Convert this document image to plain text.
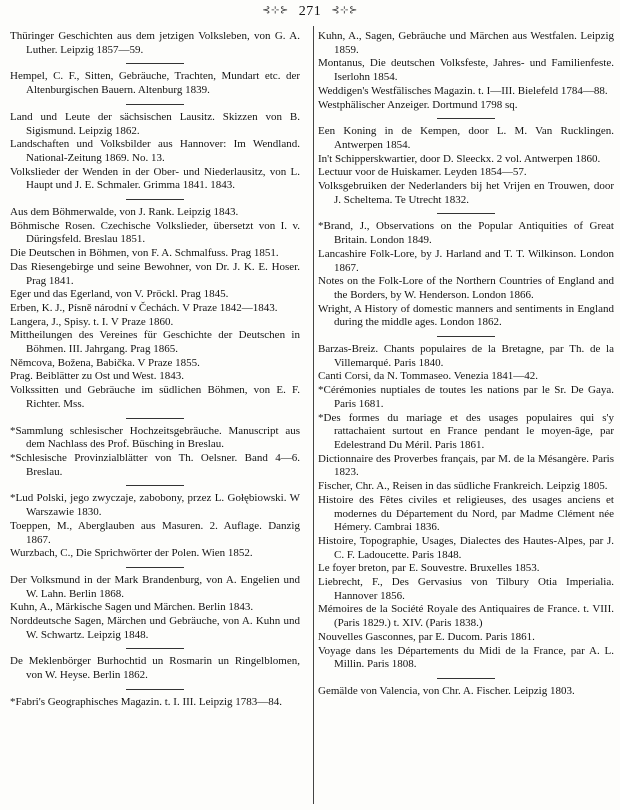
⊰⊹⊱ 271 ⊰⊹⊱

Thüringer Geschichten aus dem jetzigen Volksleben, von G. A. Luther. Leipzig 1857—59.

Hempel, C. F., Sitten, Gebräuche, Trachten, Mundart etc. der Altenburgischen Bauern. Altenburg 1839.

Land und Leute der sächsischen Lausitz. Skizzen von B. Sigismund. Leipzig 1862.

Landschaften und Volksbilder aus Hannover: Im Wendland. National-Zeitung 1869. No. 13.

Volkslieder der Wenden in der Ober- und Niederlausitz, von L. Haupt und J. E. Schmaler. Grimma 1841. 1843.

Aus dem Böhmerwalde, von J. Rank. Leipzig 1843.

Böhmische Rosen. Czechische Volkslieder, übersetzt von I. v. Düringsfeld. Breslau 1851.

Die Deutschen in Böhmen, von F. A. Schmalfuss. Prag 1851.

Das Riesengebirge und seine Bewohner, von Dr. J. K. E. Hoser. Prag 1841.

Eger und das Egerland, von V. Pröckl. Prag 1845.

Erben, K. J., Písně národní v Čechách. V Praze 1842—1843.

Langera, J., Spisy. t. I. V Praze 1860.

Mittheilungen des Vereines für Geschichte der Deutschen in Böhmen. III. Jahrgang. Prag 1865.

Němcova, Božena, Babička. V Praze 1855.

Prag. Beiblätter zu Ost und West. 1843.

Volkssitten und Gebräuche im südlichen Böhmen, von E. F. Richter. Mss.

*Sammlung schlesischer Hochzeitsgebräuche. Manuscript aus dem Nachlass des Prof. Büsching in Breslau.

*Schlesische Provinzialblätter von Th. Oelsner. Band 4—6. Breslau.

*Lud Polski, jego zwyczaje, zabobony, przez L. Gołębiowski. W Warszawie 1830.

Toeppen, M., Aberglauben aus Masuren. 2. Auflage. Danzig 1867.

Wurzbach, C., Die Sprichwörter der Polen. Wien 1852.

Der Volksmund in der Mark Brandenburg, von A. Engelien und W. Lahn. Berlin 1868.

Kuhn, A., Märkische Sagen und Märchen. Berlin 1843.

Norddeutsche Sagen, Märchen und Gebräuche, von A. Kuhn und W. Schwartz. Leipzig 1848.

De Meklenbörger Burhochtid un Rosmarin un Ringelblomen, von W. Heyse. Berlin 1862.

*Fabri's Geographisches Magazin. t. I. III. Leipzig 1783—84.

Kuhn, A., Sagen, Gebräuche und Märchen aus Westfalen. Leipzig 1859.

Montanus, Die deutschen Volksfeste, Jahres- und Familienfeste. Iserlohn 1854.

Weddigen's Westfälisches Magazin. t. I—III. Bielefeld 1784—88.

Westphälischer Anzeiger. Dortmund 1798 sq.

Een Koning in de Kempen, door L. M. Van Rucklingen. Antwerpen 1854.

In't Schipperskwartier, door D. Sleeckx. 2 vol. Antwerpen 1860.

Lectuur voor de Huiskamer. Leyden 1854—57.

Volksgebruiken der Nederlanders bij het Vrijen en Trouwen, door J. Scheltema. Te Utrecht 1832.

*Brand, J., Observations on the Popular Antiquities of Great Britain. London 1849.

Lancashire Folk-Lore, by J. Harland and T. T. Wilkinson. London 1867.

Notes on the Folk-Lore of the Northern Countries of England and the Borders, by W. Henderson. London 1866.

Wright, A History of domestic manners and sentiments in England during the middle ages. London 1862.

Barzas-Breiz. Chants populaires de la Bretagne, par Th. de la Villemarqué. Paris 1840.

Canti Corsi, da N. Tommaseo. Venezia 1841—42.

*Cérémonies nuptiales de toutes les nations par le Sr. De Gaya. Paris 1681.

*Des formes du mariage et des usages populaires qui s'y rattachaient surtout en France pendant le moyen-âge, par Edelestrand Du Méril. Paris 1861.

Dictionnaire des Proverbes français, par M. de la Mésangère. Paris 1823.

Fischer, Chr. A., Reisen in das südliche Frankreich. Leipzig 1805.

Histoire des Fêtes civiles et religieuses, des usages anciens et modernes du Département du Nord, par Madme Clément née Hémery. Cambrai 1836.

Histoire, Topographie, Usages, Dialectes des Hautes-Alpes, par J. C. F. Ladoucette. Paris 1848.

Le foyer breton, par E. Souvestre. Bruxelles 1853.

Liebrecht, F., Des Gervasius von Tilbury Otia Imperialia. Hannover 1856.

Mémoires de la Société Royale des Antiquaires de France. t. VIII. (Paris 1829.) t. XIV. (Paris 1838.)

Nouvelles Gasconnes, par E. Ducom. Paris 1861.

Voyage dans les Départements du Midi de la France, par A. L. Millin. Paris 1808.

Gemälde von Valencia, von Chr. A. Fischer. Leipzig 1803.
